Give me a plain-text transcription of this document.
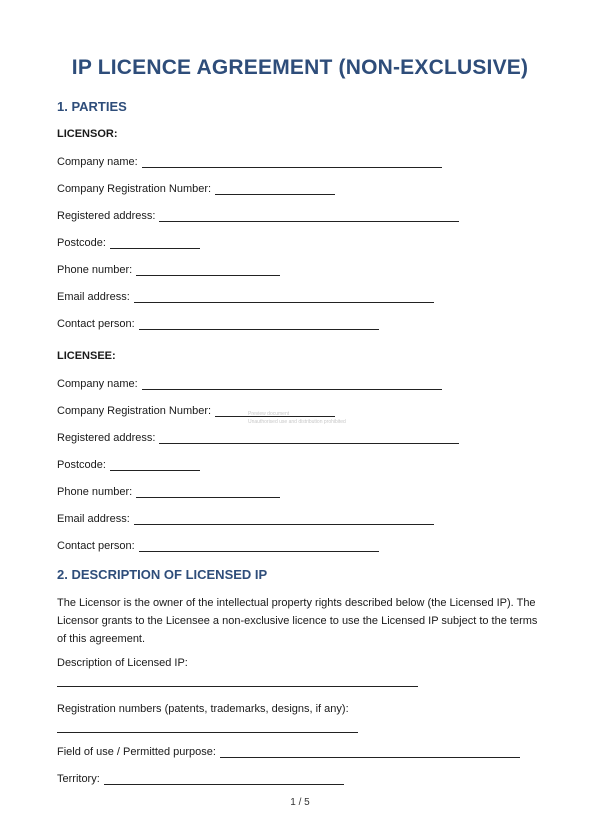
IP LICENCE AGREEMENT (NON-EXCLUSIVE)
1. PARTIES
LICENSOR:
Company name:
Company Registration Number:
Registered address:
Postcode:
Phone number:
Email address:
Contact person:
LICENSEE:
Company name:
Company Registration Number:	Preview document
Unauthorised use and distribution prohibited
Registered address:
Postcode:
Phone number:
Email address:
Contact person:
2. DESCRIPTION OF LICENSED IP
The Licensor is the owner of the intellectual property rights described below (the Licensed IP). The Licensor grants to the Licensee a non-exclusive licence to use the Licensed IP subject to the terms of this agreement.
Description of Licensed IP:
Registration numbers (patents, trademarks, designs, if any):
Field of use / Permitted purpose:
Territory:
1 / 5
